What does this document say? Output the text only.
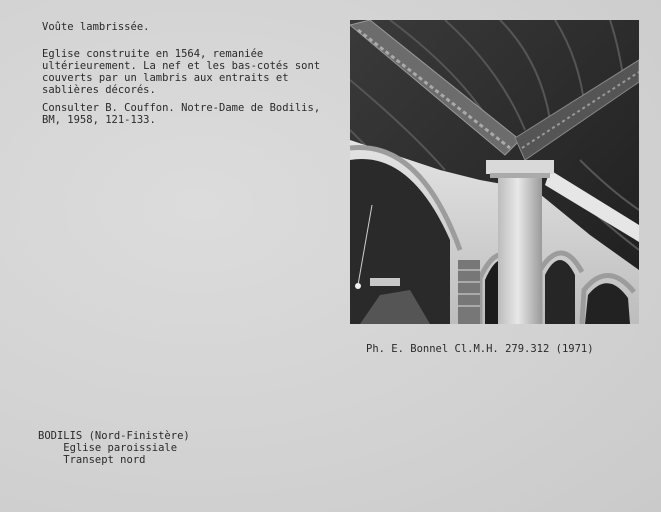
Voûte lambrissée.
Eglise construite en 1564, remaniée
ultérieurement. La nef et les bas-cotés sont
couverts par un lambris aux entraits et
sablières décorés.
Consulter B. Couffon. Notre-Dame de Bodilis,
BM, 1958, 121-133.
Ph. E. Bonnel Cl.M.H. 279.312 (1971)
BODILIS (Nord-Finistère)
Eglise paroissiale
Transept nord
